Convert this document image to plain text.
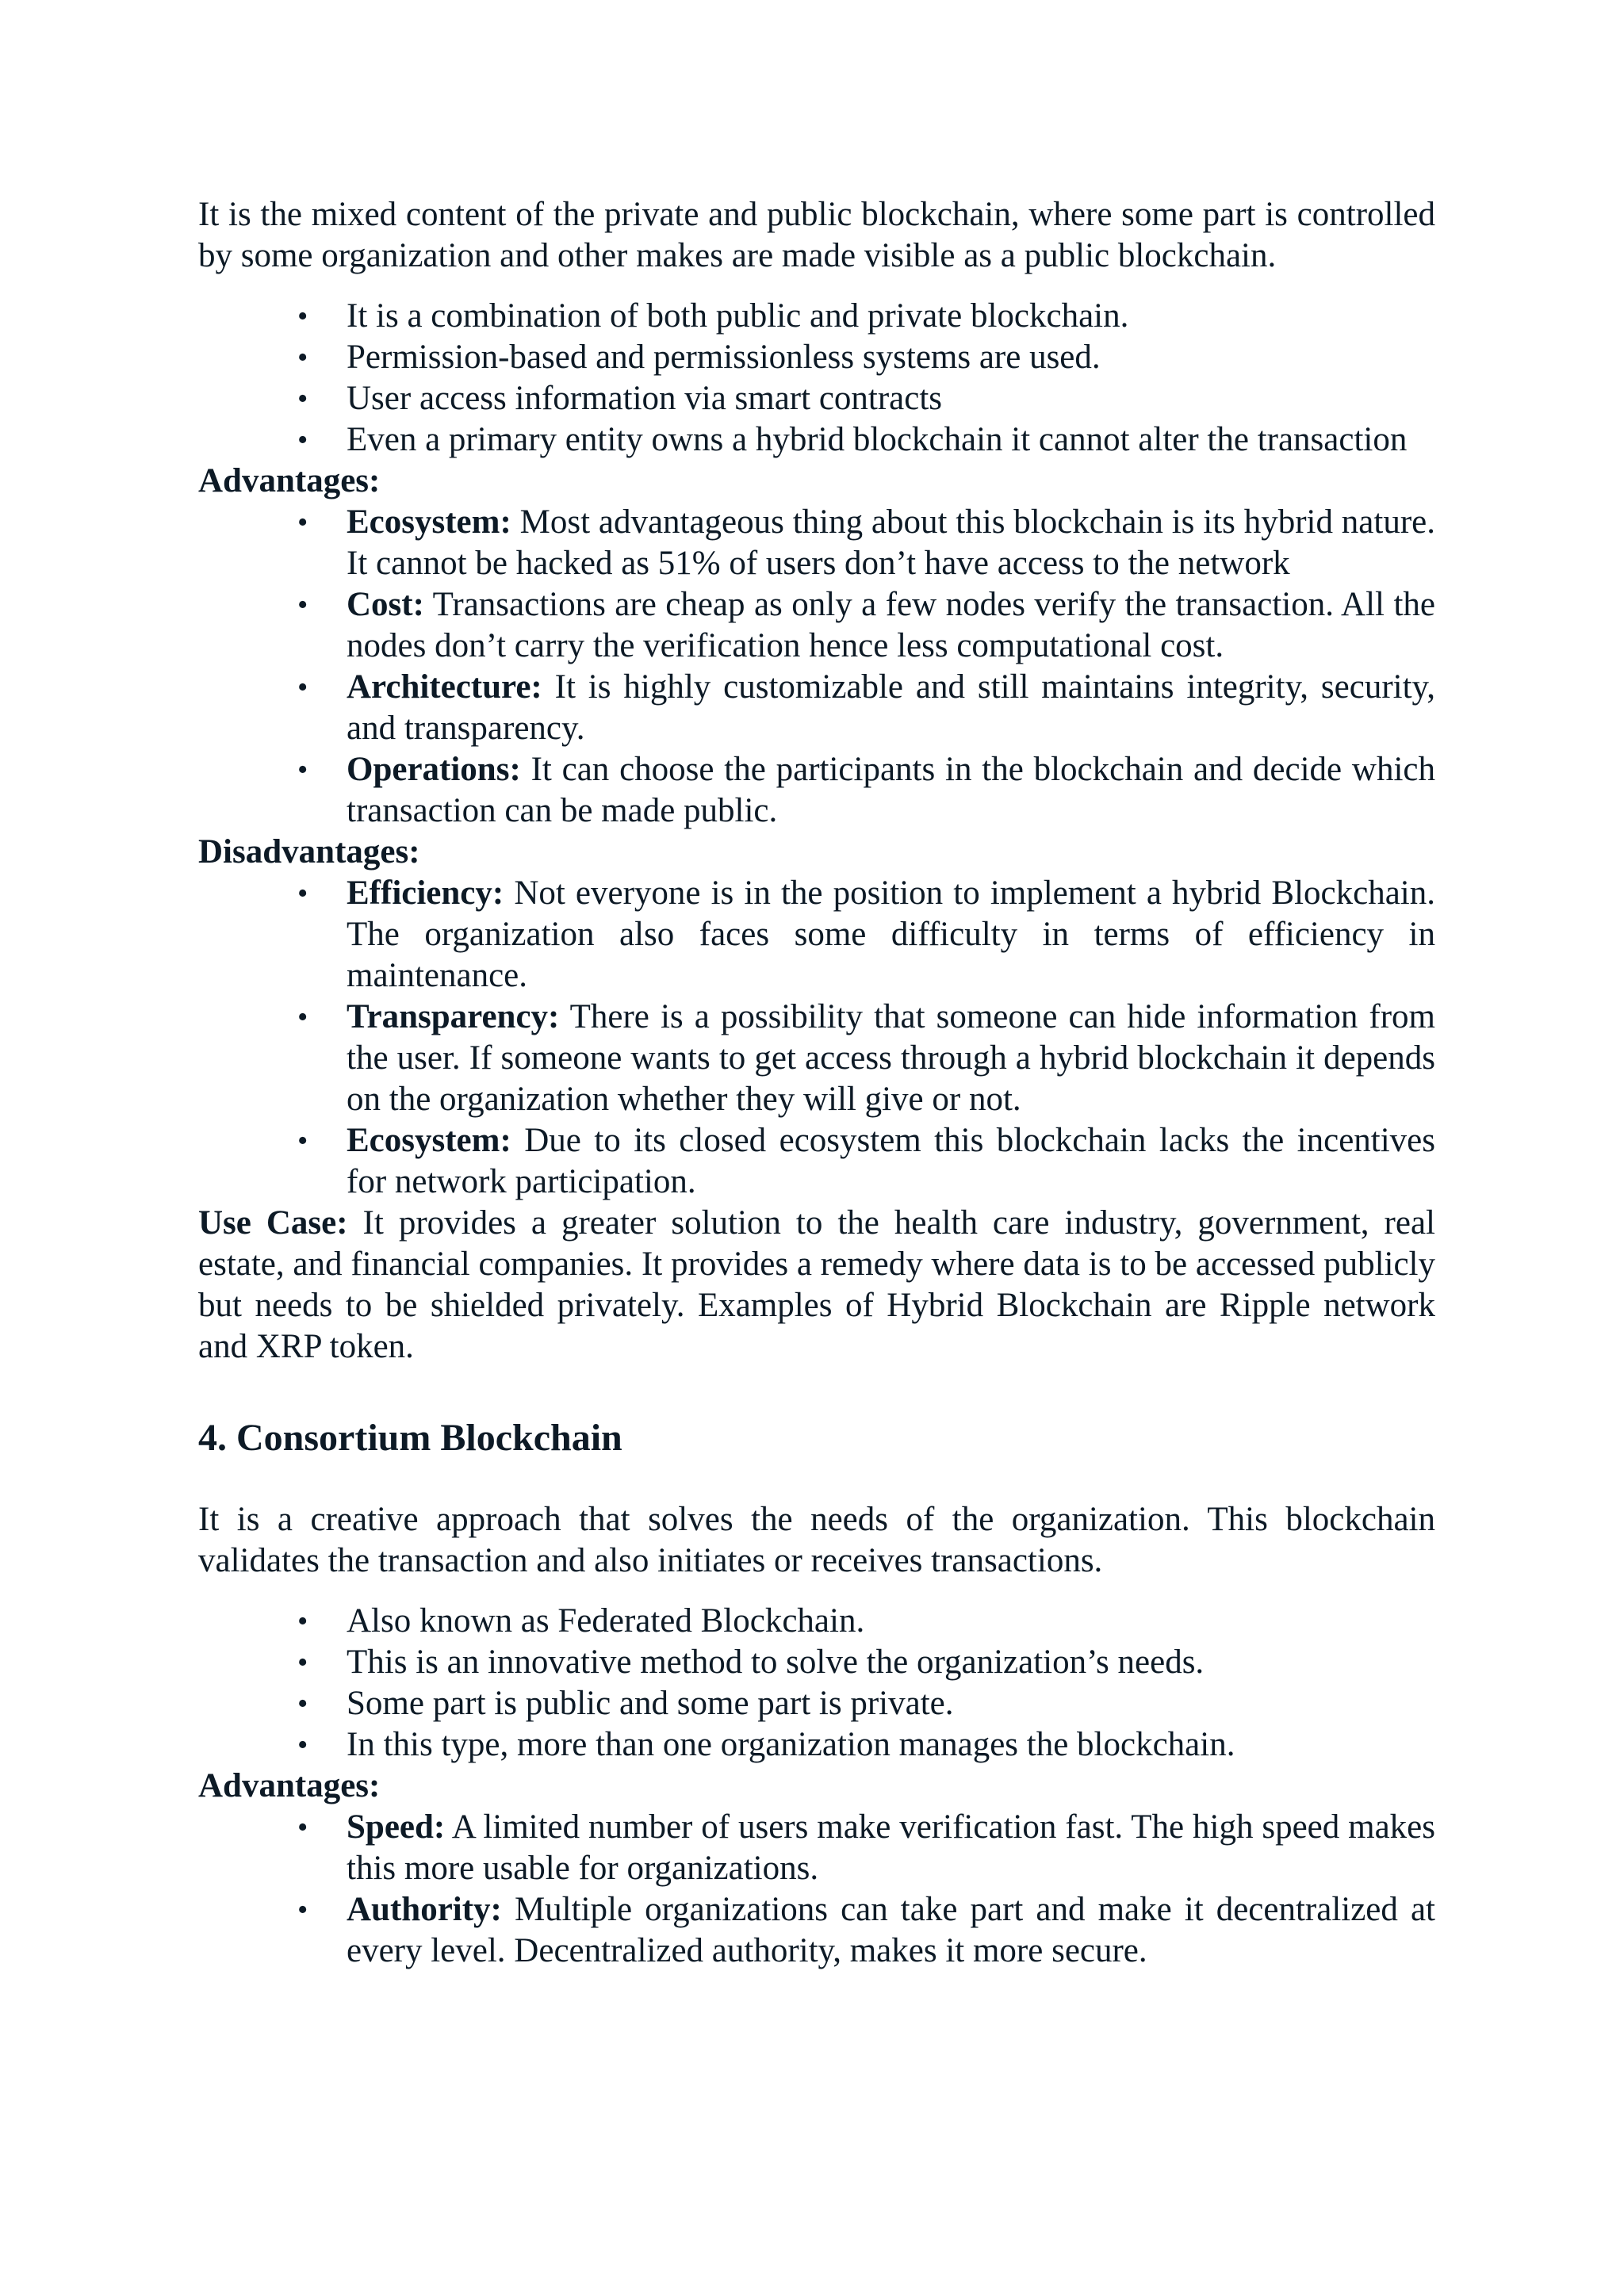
It is the mixed content of the private and public blockchain, where some part is controlled by some organization and other makes are made visible as a public blockchain.

• It is a combination of both public and private blockchain.
• Permission-based and permissionless systems are used.
• User access information via smart contracts
• Even a primary entity owns a hybrid blockchain it cannot alter the transaction

Advantages:

• Ecosystem: Most advantageous thing about this blockchain is its hybrid nature. It cannot be hacked as 51% of users don’t have access to the network
• Cost: Transactions are cheap as only a few nodes verify the transaction. All the nodes don’t carry the verification hence less computational cost.
• Architecture: It is highly customizable and still maintains integrity, security, and transparency.
• Operations: It can choose the participants in the blockchain and decide which transaction can be made public.

Disadvantages:

• Efficiency: Not everyone is in the position to implement a hybrid Blockchain. The organization also faces some difficulty in terms of efficiency in maintenance.
• Transparency: There is a possibility that someone can hide information from the user. If someone wants to get access through a hybrid blockchain it depends on the organization whether they will give or not.
• Ecosystem: Due to its closed ecosystem this blockchain lacks the incentives for network participation.

Use Case: It provides a greater solution to the health care industry, government, real estate, and financial companies. It provides a remedy where data is to be accessed publicly but needs to be shielded privately. Examples of Hybrid Blockchain are Ripple network and XRP token.

4. Consortium Blockchain

It is a creative approach that solves the needs of the organization. This blockchain validates the transaction and also initiates or receives transactions.

• Also known as Federated Blockchain.
• This is an innovative method to solve the organization’s needs.
• Some part is public and some part is private.
• In this type, more than one organization manages the blockchain.

Advantages:

• Speed: A limited number of users make verification fast. The high speed makes this more usable for organizations.
• Authority: Multiple organizations can take part and make it decentralized at every level. Decentralized authority, makes it more secure.
